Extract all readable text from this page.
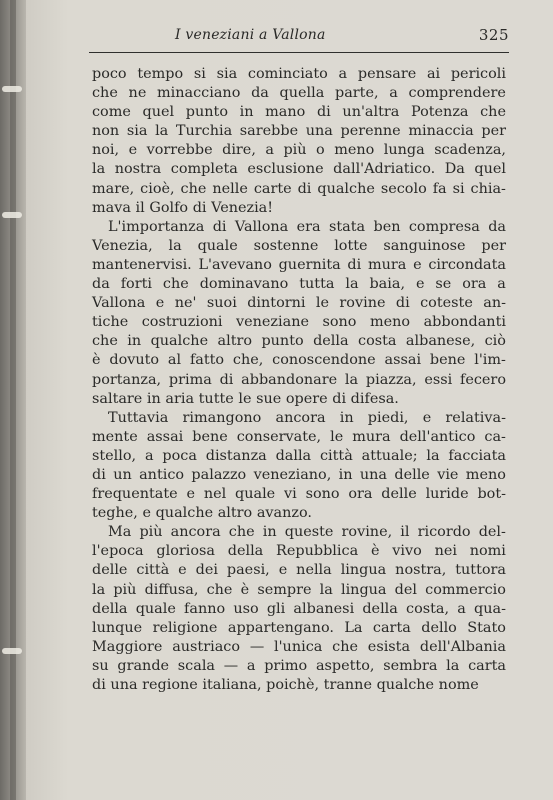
I veneziani a Vallona	325
poco tempo si sia cominciato a pensare ai pericoli
che ne minacciano da quella parte, a comprendere
come quel punto in mano di un'altra Potenza che
non sia la Turchia sarebbe una perenne minaccia per
noi, e vorrebbe dire, a più o meno lunga scadenza,
la nostra completa esclusione dall'Adriatico. Da quel
mare, cioè, che nelle carte di qualche secolo fa si chia-
mava il Golfo di Venezia!
L'importanza di Vallona era stata ben compresa da
Venezia, la quale sostenne lotte sanguinose per
mantenervisi. L'avevano guernita di mura e circondata
da forti che dominavano tutta la baia, e se ora a
Vallona e ne' suoi dintorni le rovine di coteste an-
tiche costruzioni veneziane sono meno abbondanti
che in qualche altro punto della costa albanese, ciò
è dovuto al fatto che, conoscendone assai bene l'im-
portanza, prima di abbandonare la piazza, essi fecero
saltare in aria tutte le sue opere di difesa.
Tuttavia rimangono ancora in piedi, e relativa-
mente assai bene conservate, le mura dell'antico ca-
stello, a poca distanza dalla città attuale; la facciata
di un antico palazzo veneziano, in una delle vie meno
frequentate e nel quale vi sono ora delle luride bot-
teghe, e qualche altro avanzo.
Ma più ancora che in queste rovine, il ricordo del-
l'epoca gloriosa della Repubblica è vivo nei nomi
delle città e dei paesi, e nella lingua nostra, tuttora
la più diffusa, che è sempre la lingua del commercio
della quale fanno uso gli albanesi della costa, a qua-
lunque religione appartengano. La carta dello Stato
Maggiore austriaco — l'unica che esista dell'Albania
su grande scala — a primo aspetto, sembra la carta
di una regione italiana, poichè, tranne qualche nome
